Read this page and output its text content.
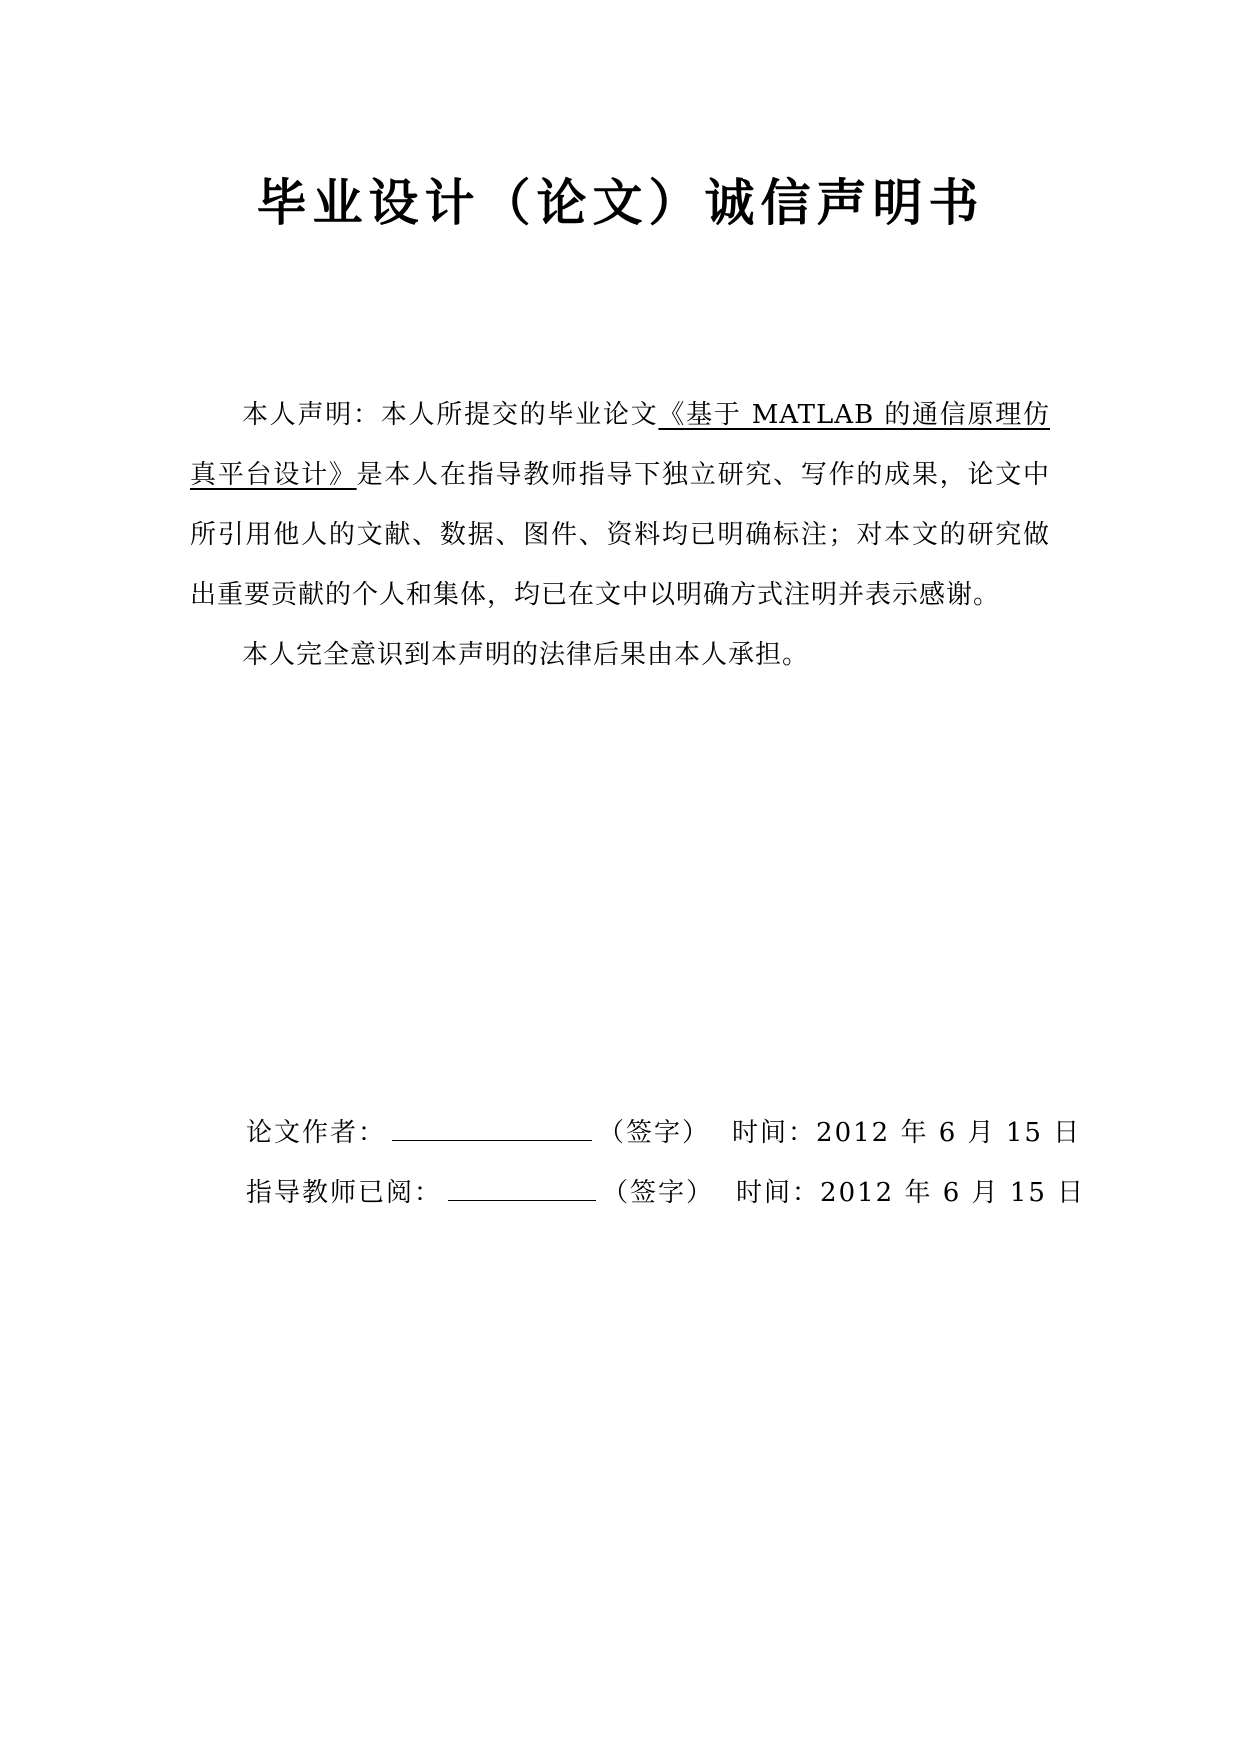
毕业设计（论文）诚信声明书

本人声明：本人所提交的毕业论文《基于 MATLAB 的通信原理仿真平台设计》是本人在指导教师指导下独立研究、写作的成果，论文中所引用他人的文献、数据、图件、资料均已明确标注；对本文的研究做出重要贡献的个人和集体，均已在文中以明确方式注明并表示感谢。

本人完全意识到本声明的法律后果由本人承担。

论文作者：	（签字） 时间：2012 年 6 月 15 日
指导教师已阅：	（签字） 时间：2012 年 6 月 15 日
